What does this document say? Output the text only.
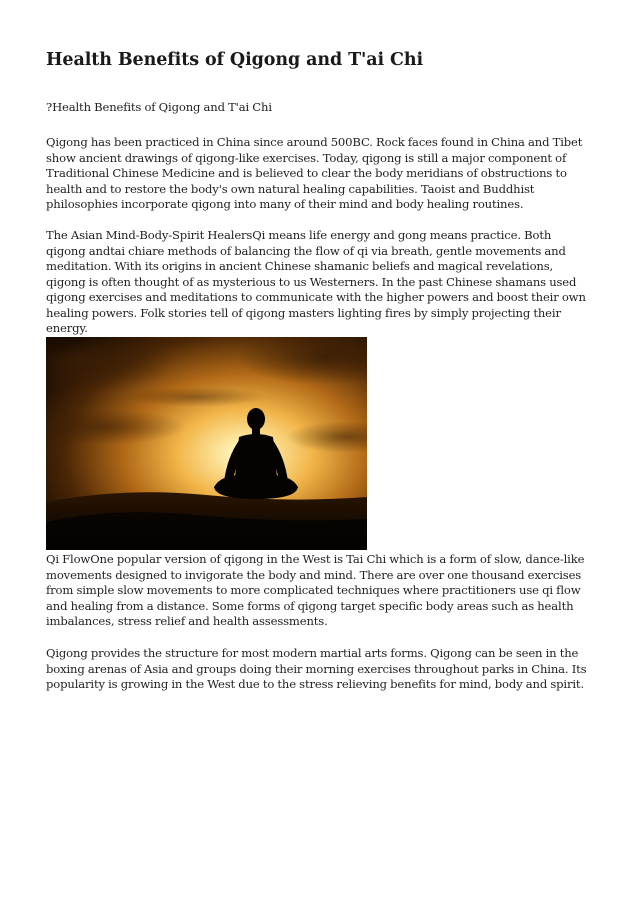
Health Benefits of Qigong and T'ai Chi

?Health Benefits of Qigong and T'ai Chi

Qigong has been practiced in China since around 500BC. Rock faces found in China and Tibet show ancient drawings of qigong-like exercises. Today, qigong is still a major component of Traditional Chinese Medicine and is believed to clear the body meridians of obstructions to health and to restore the body's own natural healing capabilities. Taoist and Buddhist philosophies incorporate qigong into many of their mind and body healing routines.

The Asian Mind-Body-Spirit HealersQi means life energy and gong means practice. Both qigong andtai chiare methods of balancing the flow of qi via breath, gentle movements and meditation. With its origins in ancient Chinese shamanic beliefs and magical revelations, qigong is often thought of as mysterious to us Westerners. In the past Chinese shamans used qigong exercises and meditations to communicate with the higher powers and boost their own healing powers. Folk stories tell of qigong masters lighting fires by simply projecting their energy.

Qi FlowOne popular version of qigong in the West is Tai Chi which is a form of slow, dance-like movements designed to invigorate the body and mind. There are over one thousand exercises from simple slow movements to more complicated techniques where practitioners use qi flow and healing from a distance. Some forms of qigong target specific body areas such as health imbalances, stress relief and health assessments.

Qigong provides the structure for most modern martial arts forms. Qigong can be seen in the boxing arenas of Asia and groups doing their morning exercises throughout parks in China. Its popularity is growing in the West due to the stress relieving benefits for mind, body and spirit.
